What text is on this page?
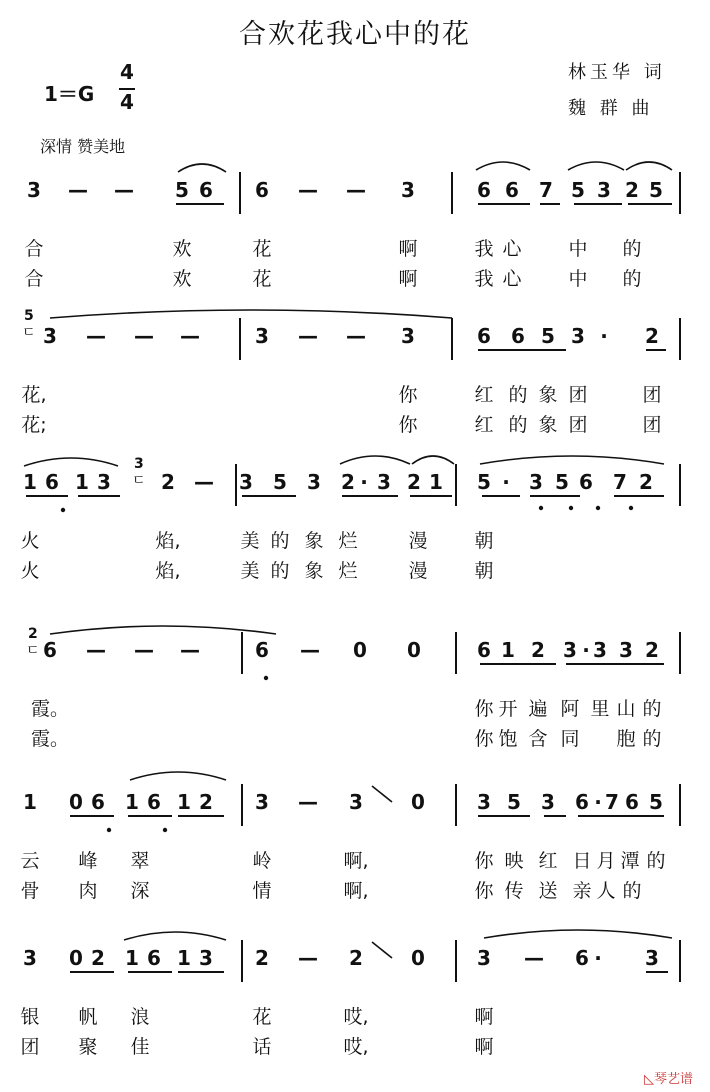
合欢花我心中的花
林玉华 词
魏 群 曲
1＝G
4
4
深情 赞美地
3 — — 5 6 6 — — 3	6 6 7 5 3 2 5
合	欢	花	啊	我 心 中 的
合	欢	花	啊	我 心 中 的
3 — — —	3 — — 3	6 6 5 3 ·	2
5
ㄷ
花,	你	红 的 象 团	团
花;	你	红 的 象 团	团
1 6 1 3	2 — 3 5 3 2 · 3 2 1 5 · 3 5 6 7 2
3
ㄷ
火	焰,	美 的 象 烂	漫 朝
火	焰,	美 的 象 烂	漫 朝
6 — — —	6 — 0 0	6 1 2 3 · 3 3 2
2
ㄷ
霞。	你 开 遍 阿 里 山 的
霞。	你 饱 含 同 胞 的
1 0 6 1 6 1 2 3 — 3 0	3 5 3 6 · 7 6 5
云 峰 翠	岭	啊,	你 映 红 日 月 潭 的
骨 肉 深	情	啊,	你 传 送 亲 人 的
3 0 2 1 6 1 3 2 — 2 0	3 — 6 ·	3
银 帆 浪	花	哎,	啊
团 聚 佳	话	哎,	啊
◺琴艺谱
